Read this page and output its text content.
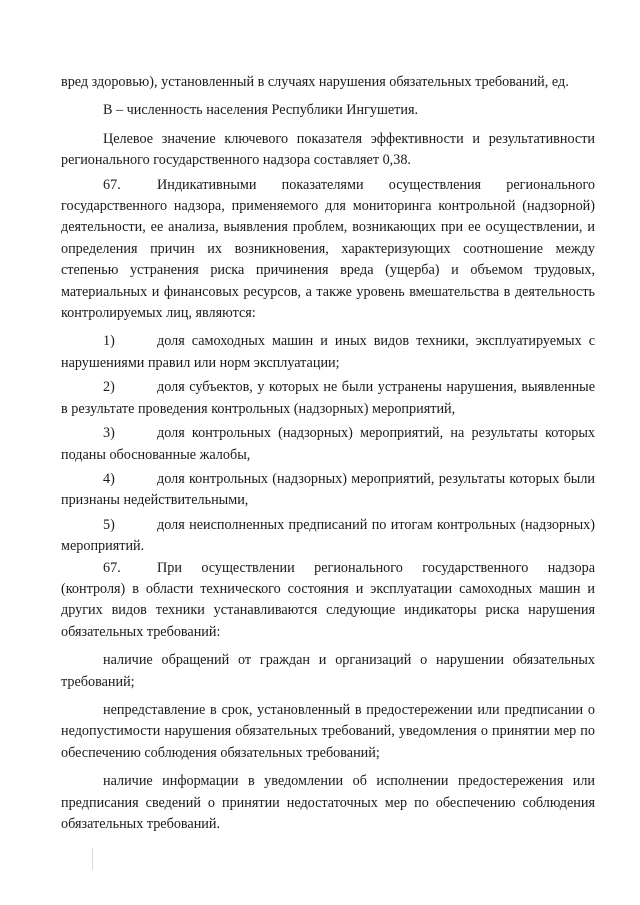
вред здоровью), установленный в случаях нарушения обязательных требований, ед.

В – численность населения Республики Ингушетия.

Целевое значение ключевого показателя эффективности и результативности регионального государственного надзора составляет 0,38.

67.	Индикативными показателями осуществления регионального государственного надзора, применяемого для мониторинга контрольной (надзорной) деятельности, ее анализа, выявления проблем, возникающих при ее осуществлении, и определения причин их возникновения, характеризующих соотношение между степенью устранения риска причинения вреда (ущерба) и объемом трудовых, материальных и финансовых ресурсов, а также уровень вмешательства в деятельность контролируемых лиц, являются:

1)	доля самоходных машин и иных видов техники, эксплуатируемых с нарушениями правил или норм эксплуатации;

2)	доля субъектов, у которых не были устранены нарушения, выявленные в результате проведения контрольных (надзорных) мероприятий,

3)	доля контрольных (надзорных) мероприятий, на результаты которых поданы обоснованные жалобы,

4)	доля контрольных (надзорных) мероприятий, результаты которых были признаны недействительными,

5)	доля неисполненных предписаний по итогам контрольных (надзорных) мероприятий.

67.	При осуществлении регионального государственного надзора (контроля) в области технического состояния и эксплуатации самоходных машин и других видов техники устанавливаются следующие индикаторы риска нарушения обязательных требований:

наличие обращений от граждан и организаций о нарушении обязательных требований;

непредставление в срок, установленный в предостережении или предписании о недопустимости нарушения обязательных требований, уведомления о принятии мер по обеспечению соблюдения обязательных требований;

наличие информации в уведомлении об исполнении предостережения или предписания сведений о принятии недостаточных мер по обеспечению соблюдения обязательных требований.
